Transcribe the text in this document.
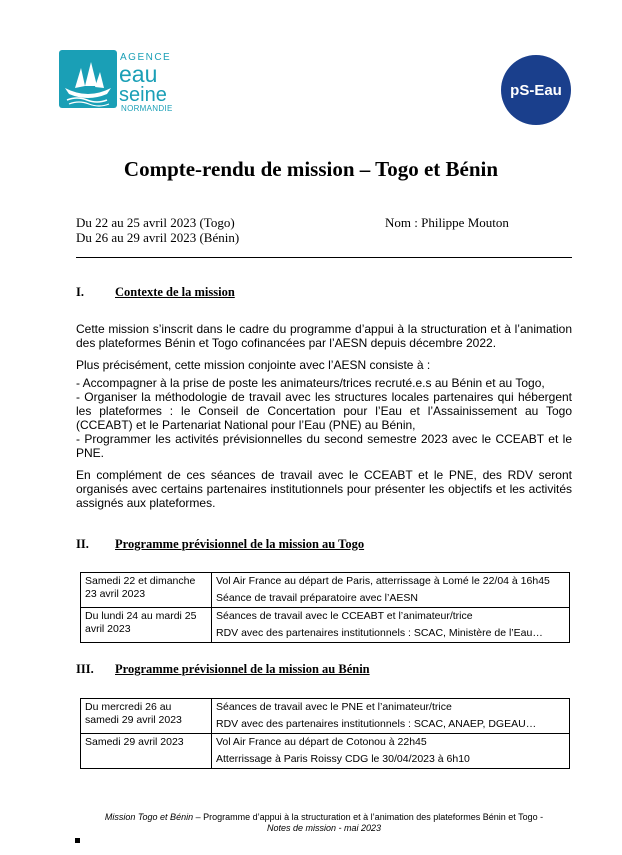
AGENCE
eau
seine
NORMANDIE
pS-Eau
Compte-rendu de mission – Togo et Bénin
Du 22 au 25 avril 2023 (Togo)
Du 26 au 29 avril 2023 (Bénin)
Nom : Philippe Mouton
I. Contexte de la mission

Cette mission s’inscrit dans le cadre du programme d’appui à la structuration et à l’animation des plateformes Bénin et Togo cofinancées par l’AESN depuis décembre 2022.

Plus précisément, cette mission conjointe avec l’AESN consiste à :

- Accompagner à la prise de poste les animateurs/trices recruté.e.s au Bénin et au Togo,

- Organiser la méthodologie de travail avec les structures locales partenaires qui hébergent les plateformes : le Conseil de Concertation pour l’Eau et l’Assainissement au Togo (CCEABT) et le Partenariat National pour l’Eau (PNE) au Bénin,

- Programmer les activités prévisionnelles du second semestre 2023 avec le CCEABT et le PNE.

En complément de ces séances de travail avec le CCEABT et le PNE, des RDV seront organisés avec certains partenaires institutionnels pour présenter les objectifs et les activités assignés aux plateformes.

II. Programme prévisionnel de la mission au Togo
Samedi 22 et dimanche 23 avril 2023	Vol Air France au départ de Paris, atterrissage à Lomé le 22/04 à 16h45
Séance de travail préparatoire avec l’AESN

Du lundi 24 au mardi 25 avril 2023	Séances de travail avec le CCEABT et l’animateur/trice
RDV avec des partenaires institutionnels : SCAC, Ministère de l’Eau…
III. Programme prévisionnel de la mission au Bénin
Du mercredi 26 au samedi 29 avril 2023	Séances de travail avec le PNE et l’animateur/trice
RDV avec des partenaires institutionnels : SCAC, ANAEP, DGEAU…

Samedi 29 avril 2023	Vol Air France au départ de Cotonou à 22h45
Atterrissage à Paris Roissy CDG le 30/04/2023 à 6h10
Mission Togo et Bénin – Programme d’appui à la structuration et à l’animation des plateformes Bénin et Togo -
Notes de mission - mai 2023
